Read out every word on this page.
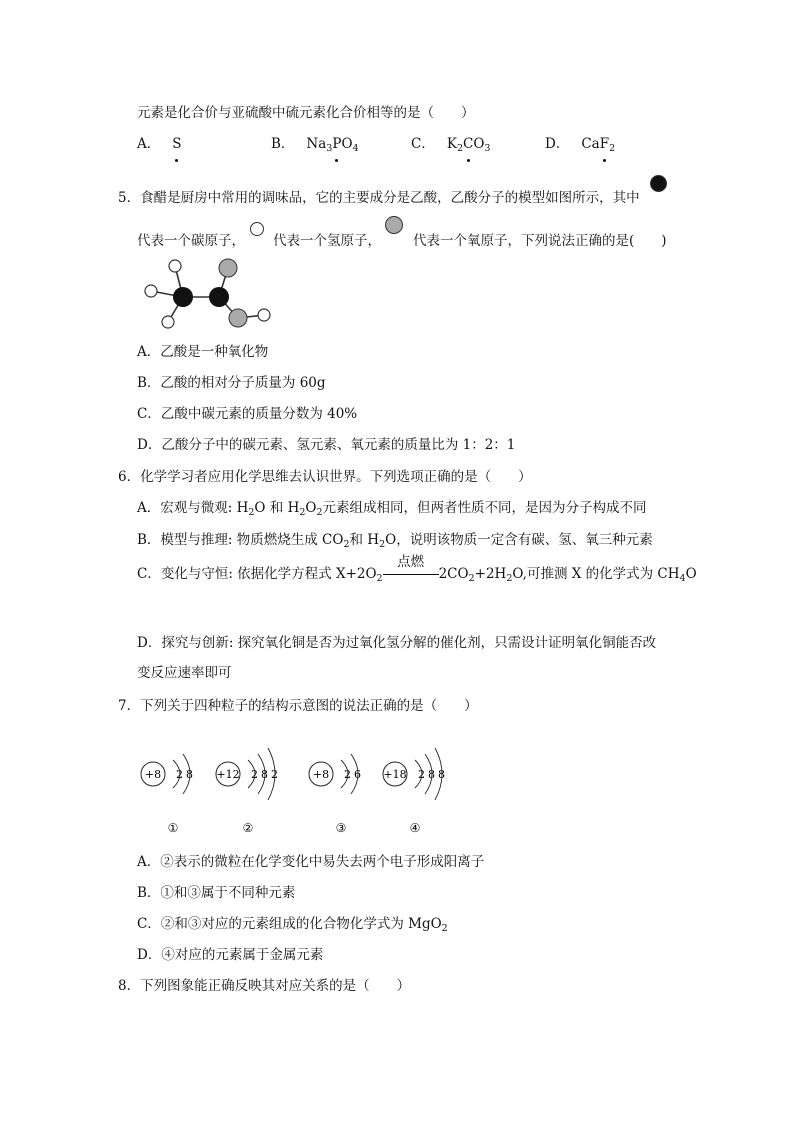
元素是化合价与亚硫酸中硫元素化合价相等的是（　　）
A． S	B． $Na_3PO_4$	C． $K_2CO_3$	D． CaF$_2$
5．食醋是厨房中常用的调味品，它的主要成分是乙酸，乙酸分子的模型如图所示，其中
代表一个碳原子， 代表一个氢原子， 代表一个氧原子，下列说法正确的是(　　)
A．乙酸是一种氧化物
B．乙酸的相对分子质量为 60g
C．乙酸中碳元素的质量分数为 40%
D．乙酸分子中的碳元素、氢元素、氧元素的质量比为 1：2：1
6．化学学习者应用化学思维去认识世界。下列选项正确的是（　　）
A．宏观与微观: $H_2O$ 和 $H_2O_2$元素组成相同，但两者性质不同，是因为分子构成不同
B．模型与推理: 物质燃烧生成 $CO_2$和 $H_2O$，说明该物质一定含有碳、氢、氧三种元素
C．变化与守恒: 依据化学方程式 $X+2O_2$
点燃
$2CO_2+2H_2O$,可推测 X 的化学式为 $CH_4O$
D．探究与创新: 探究氧化铜是否为过氧化氢分解的催化剂，只需设计证明氧化铜能否改
变反应速率即可
7．下列关于四种粒子的结构示意图的说法正确的是（　　）
+8 2 8
①
+12 2 8 2
②
+8 2 6
③
+18 2 8 8
④
A．②表示的微粒在化学变化中易失去两个电子形成阳离子
B．①和③属于不同种元素
C．②和③对应的元素组成的化合物化学式为 MgO$_2$
D．④对应的元素属于金属元素
8．下列图象能正确反映其对应关系的是（　　）
